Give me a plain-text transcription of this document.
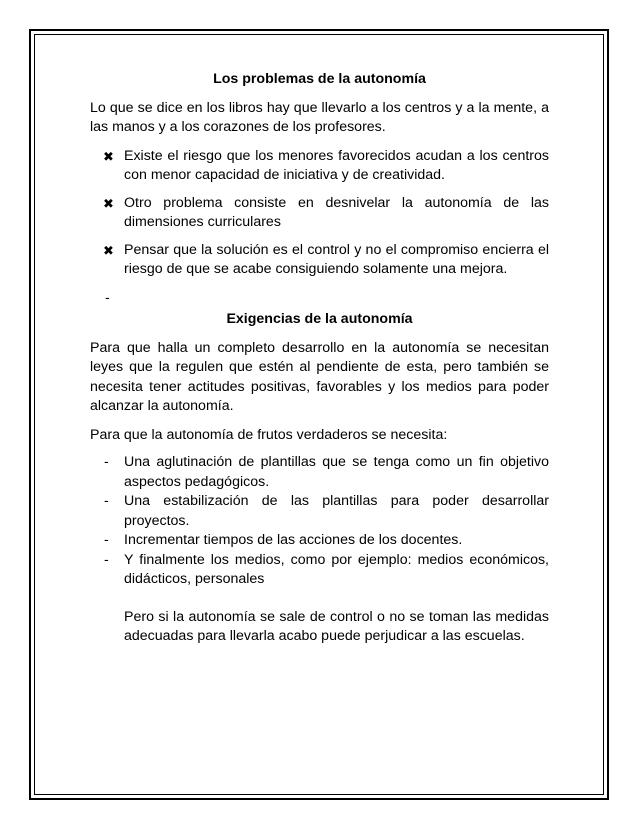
Los problemas de la autonomía

Lo que se dice en los libros hay que llevarlo a los centros y a la mente, a las manos y a los corazones de los profesores.

✖ Existe el riesgo que los menores favorecidos acudan a los centros con menor capacidad de iniciativa y de creatividad.
✖ Otro problema consiste en desnivelar la autonomía de las dimensiones curriculares
✖ Pensar que la solución es el control y no el compromiso encierra el riesgo de que se acabe consiguiendo solamente una mejora.
-

Exigencias de la autonomía

Para que halla un completo desarrollo en la autonomía se necesitan leyes que la regulen que estén al pendiente de esta, pero también se necesita tener actitudes positivas, favorables y los medios para poder alcanzar la autonomía.

Para que la autonomía de frutos verdaderos se necesita:

- Una aglutinación de plantillas que se tenga como un fin objetivo aspectos pedagógicos.
- Una estabilización de las plantillas para poder desarrollar proyectos.
- Incrementar tiempos de las acciones de los docentes.
- Y finalmente los medios, como por ejemplo: medios económicos, didácticos, personales

Pero si la autonomía se sale de control o no se toman las medidas adecuadas para llevarla acabo puede perjudicar a las escuelas.
